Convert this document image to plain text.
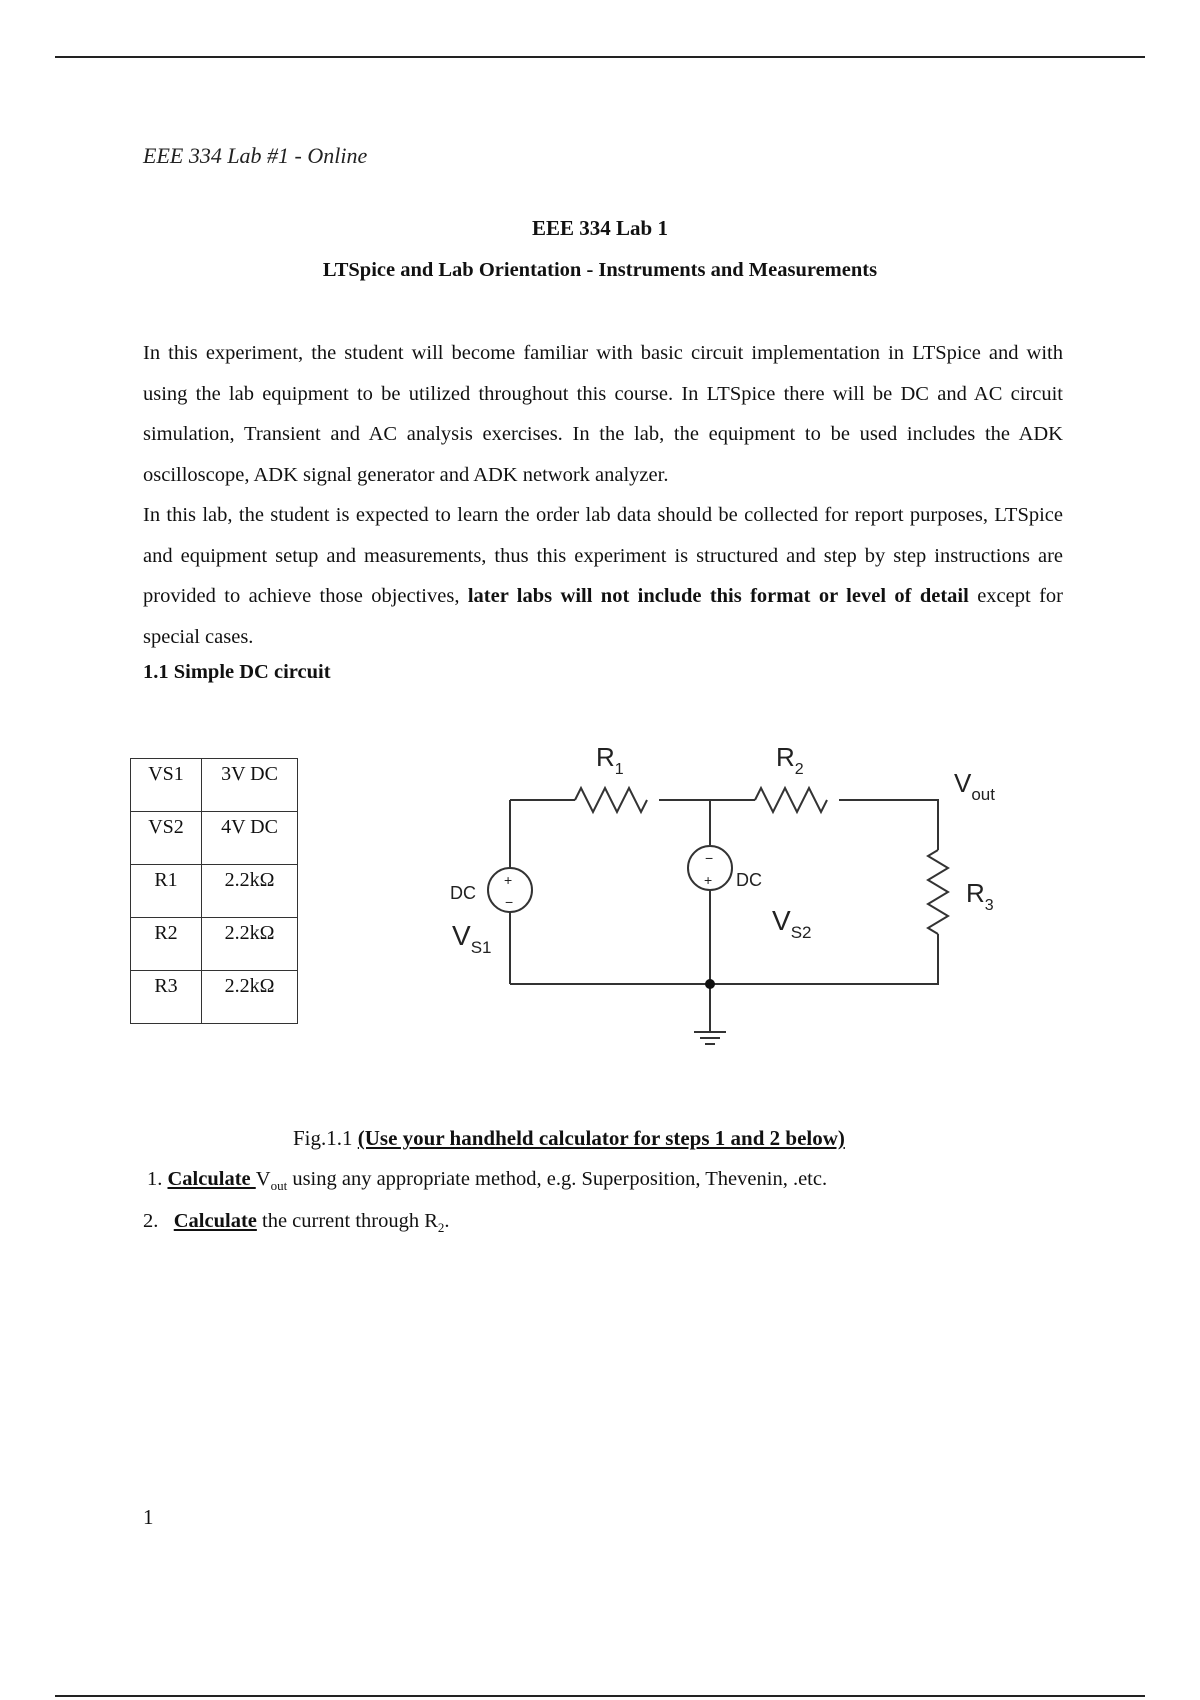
EEE 334 Lab #1 - Online
EEE 334 Lab 1
LTSpice and Lab Orientation - Instruments and Measurements
In this experiment, the student will become familiar with basic circuit implementation in LTSpice and with using the lab equipment to be utilized throughout this course. In LTSpice there will be DC and AC circuit simulation, Transient and AC analysis exercises. In the lab, the equipment to be used includes the ADK oscilloscope, ADK signal generator and ADK network analyzer.
In this lab, the student is expected to learn the order lab data should be collected for report purposes, LTSpice and equipment setup and measurements, thus this experiment is structured and step by step instructions are provided to achieve those objectives, later labs will not include this format or level of detail except for special cases.
1.1 Simple DC circuit
VS1	3V DC
VS2	4V DC
R1	2.2kΩ
R2	2.2kΩ
R3	2.2kΩ
+
−
−
+
DC
DC
$R_1$	$R_2$
$R_3$
$V_{out}$
$V_{S1}$
$V_{S2}$
Fig.1.1 (Use your handheld calculator for steps 1 and 2 below)
1. Calculate $V_{out}$ using any appropriate method, e.g. Superposition, Thevenin, .etc.
2.   Calculate the current through $R_2$.
1
